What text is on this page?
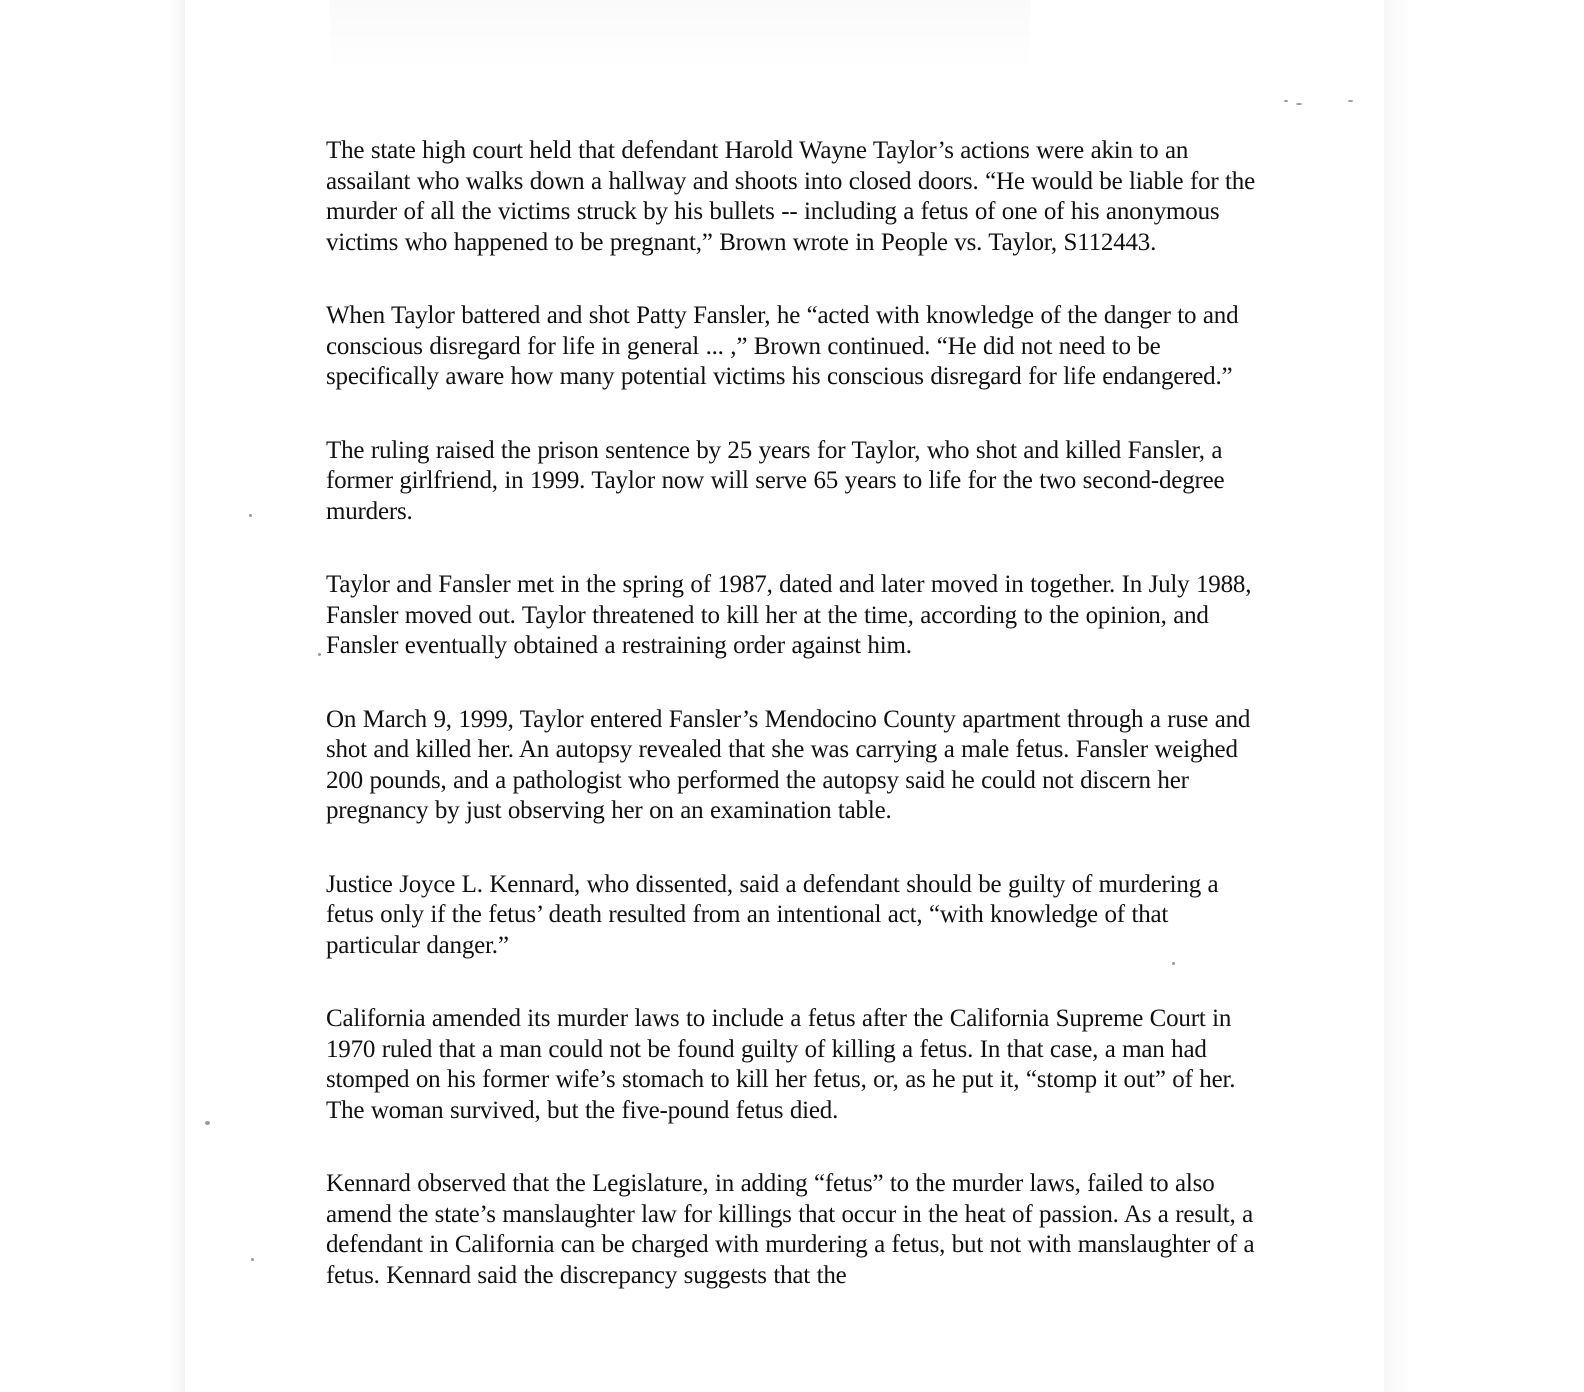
The state high court held that defendant Harold Wayne Taylor’s actions were akin to an assailant who walks down a hallway and shoots into closed doors. “He would be liable for the murder of all the victims struck by his bullets -- including a fetus of one of his anonymous victims who happened to be pregnant,” Brown wrote in People vs. Taylor, S112443.

When Taylor battered and shot Patty Fansler, he “acted with knowledge of the danger to and conscious disregard for life in general ... ,” Brown continued. “He did not need to be specifically aware how many potential victims his conscious disregard for life endangered.”

The ruling raised the prison sentence by 25 years for Taylor, who shot and killed Fansler, a former girlfriend, in 1999. Taylor now will serve 65 years to life for the two second-degree murders.

Taylor and Fansler met in the spring of 1987, dated and later moved in together. In July 1988, Fansler moved out. Taylor threatened to kill her at the time, according to the opinion, and Fansler eventually obtained a restraining order against him.

On March 9, 1999, Taylor entered Fansler’s Mendocino County apartment through a ruse and shot and killed her. An autopsy revealed that she was carrying a male fetus. Fansler weighed 200 pounds, and a pathologist who performed the autopsy said he could not discern her pregnancy by just observing her on an examination table.

Justice Joyce L. Kennard, who dissented, said a defendant should be guilty of murdering a fetus only if the fetus’ death resulted from an intentional act, “with knowledge of that particular danger.”

California amended its murder laws to include a fetus after the California Supreme Court in 1970 ruled that a man could not be found guilty of killing a fetus. In that case, a man had stomped on his former wife’s stomach to kill her fetus, or, as he put it, “stomp it out” of her. The woman survived, but the five-pound fetus died.

Kennard observed that the Legislature, in adding “fetus” to the murder laws, failed to also amend the state’s manslaughter law for killings that occur in the heat of passion. As a result, a defendant in California can be charged with murdering a fetus, but not with manslaughter of a fetus. Kennard said the discrepancy suggests that the
